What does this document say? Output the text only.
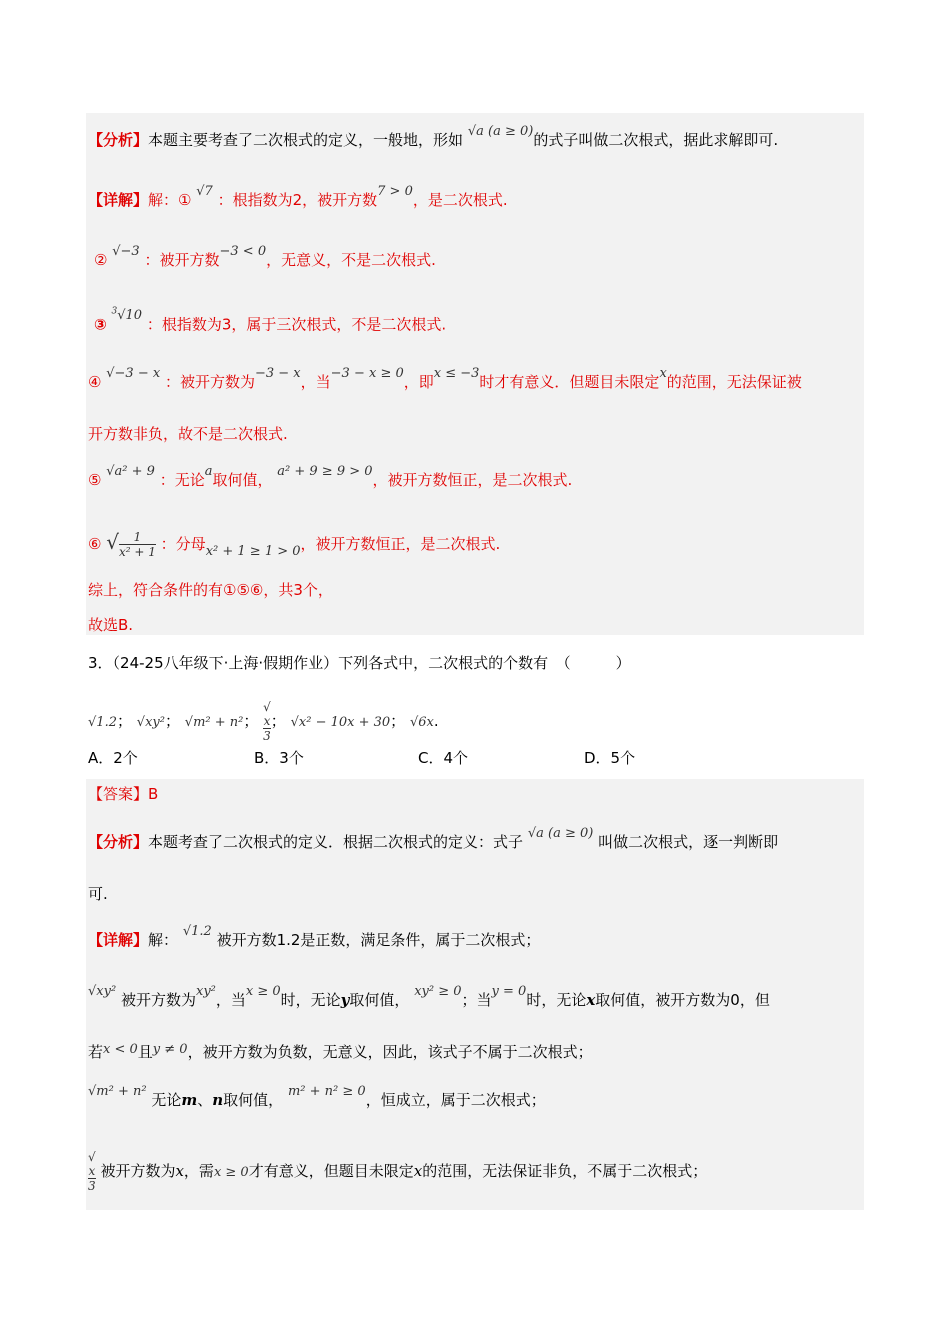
【分析】本题主要考查了二次根式的定义，一般地，形如 √a (a ≥ 0)的式子叫做二次根式，据此求解即可.
【详解】解：① √7 ：根指数为2，被开方数7 > 0，是二次根式.
② √−3 ：被开方数−3 < 0，无意义，不是二次根式.
③ $^3$√10 ：根指数为3，属于三次根式，不是二次根式.
④ √−3 − x ：被开方数为−3 − x，当−3 − x ≥ 0，即x ≤ −3时才有意义．但题目未限定x的范围，无法保证被
开方数非负，故不是二次根式.
⑤ √a² + 9 ：无论a取何值， a² + 9 ≥ 9 > 0，被开方数恒正，是二次根式.
⑥ √ $\frac{1}{\text{x² + 1}}$ ：分母x² + 1 ≥ 1 > 0，被开方数恒正，是二次根式.
综上，符合条件的有①⑤⑥，共3个，
故选B.
3．（24-25八年级下·上海·假期作业）下列各式中，二次根式的个数有　（　　　）
√1.2； √xy²； √m² + n²； √
x
3 ； √x² − 10x + 30； √6x.
A．2个	B．3个	C．4个	D．5个
【答案】B
【分析】本题考查了二次根式的定义．根据二次根式的定义：式子 √a (a ≥ 0) 叫做二次根式，逐一判断即
可.
【详解】解： √1.2 被开方数1.2是正数，满足条件，属于二次根式；
√xy² 被开方数为xy²，当x ≥ 0时，无论y取何值， xy² ≥ 0；当y = 0时，无论x取何值，被开方数为0，但
若x < 0且y ≠ 0，被开方数为负数，无意义，因此，该式子不属于二次根式；
√m² + n² 无论m、n取何值， m² + n² ≥ 0，恒成立，属于二次根式；
√
x
3 被开方数为x，需x ≥ 0才有意义，但题目未限定x的范围，无法保证非负，不属于二次根式；
